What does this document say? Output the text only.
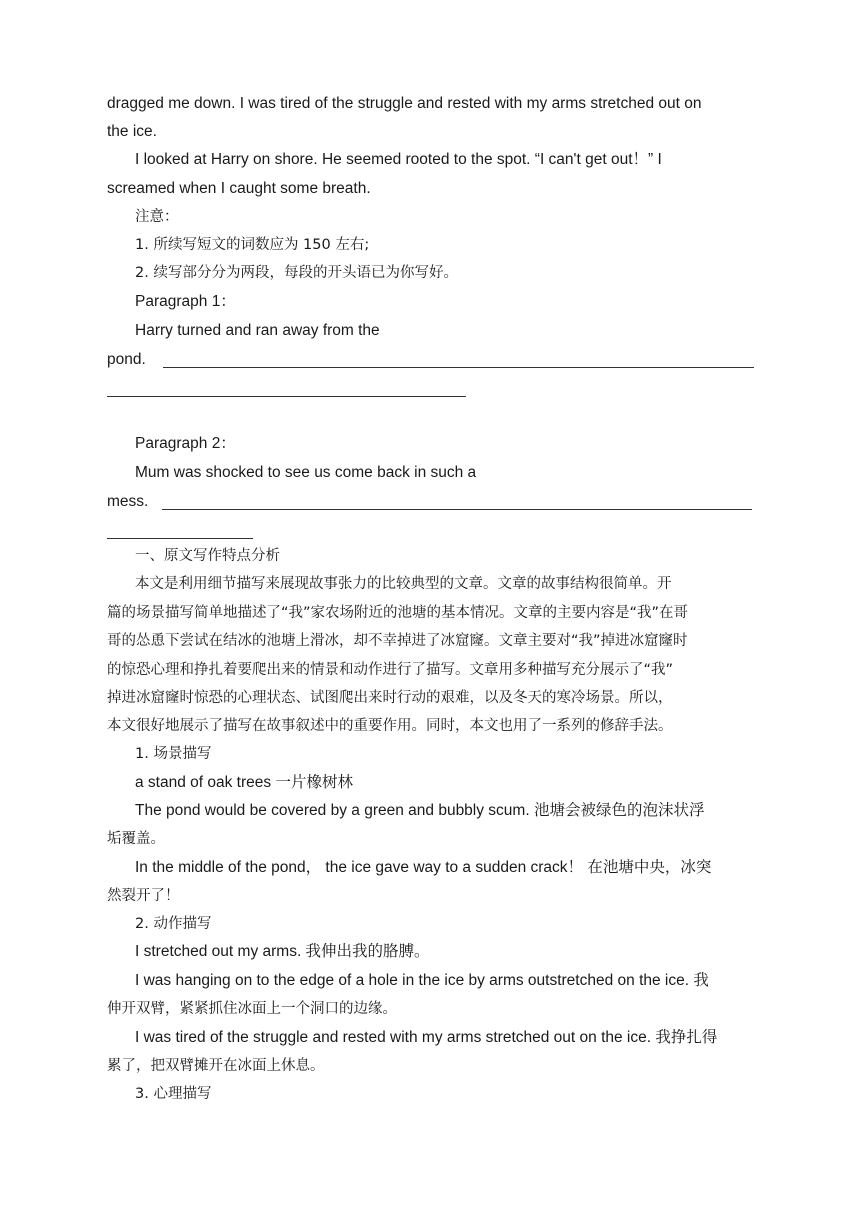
dragged me down. I was tired of the struggle and rested with my arms stretched out on
the ice.
I looked at Harry on shore. He seemed rooted to the spot. “I can't get out！” I
screamed when I caught some breath.
注意：
1. 所续写短文的词数应为 150 左右;
2. 续写部分分为两段，每段的开头语已为你写好。
Paragraph 1：
Harry turned and ran away from the
pond.
Paragraph 2：
Mum was shocked to see us come back in such a
mess.
一、原文写作特点分析
本文是利用细节描写来展现故事张力的比较典型的文章。文章的故事结构很简单。开
篇的场景描写简单地描述了“我”家农场附近的池塘的基本情况。文章的主要内容是“我”在哥
哥的怂恿下尝试在结冰的池塘上滑冰，却不幸掉进了冰窟窿。文章主要对“我”掉进冰窟窿时
的惊恐心理和挣扎着要爬出来的情景和动作进行了描写。文章用多种描写充分展示了“我”
掉进冰窟窿时惊恐的心理状态、试图爬出来时行动的艰难，以及冬天的寒冷场景。所以，
本文很好地展示了描写在故事叙述中的重要作用。同时，本文也用了一系列的修辞手法。
1. 场景描写
a stand of oak trees 一片橡树林
The pond would be covered by a green and bubbly scum. 池塘会被绿色的泡沫状浮
垢覆盖。
In the middle of the pond， the ice gave way to a sudden crack！ 在池塘中央，冰突
然裂开了！
2. 动作描写
I stretched out my arms. 我伸出我的胳膊。
I was hanging on to the edge of a hole in the ice by arms outstretched on the ice. 我
伸开双臂，紧紧抓住冰面上一个洞口的边缘。
I was tired of the struggle and rested with my arms stretched out on the ice. 我挣扎得
累了，把双臂摊开在冰面上休息。
3. 心理描写
